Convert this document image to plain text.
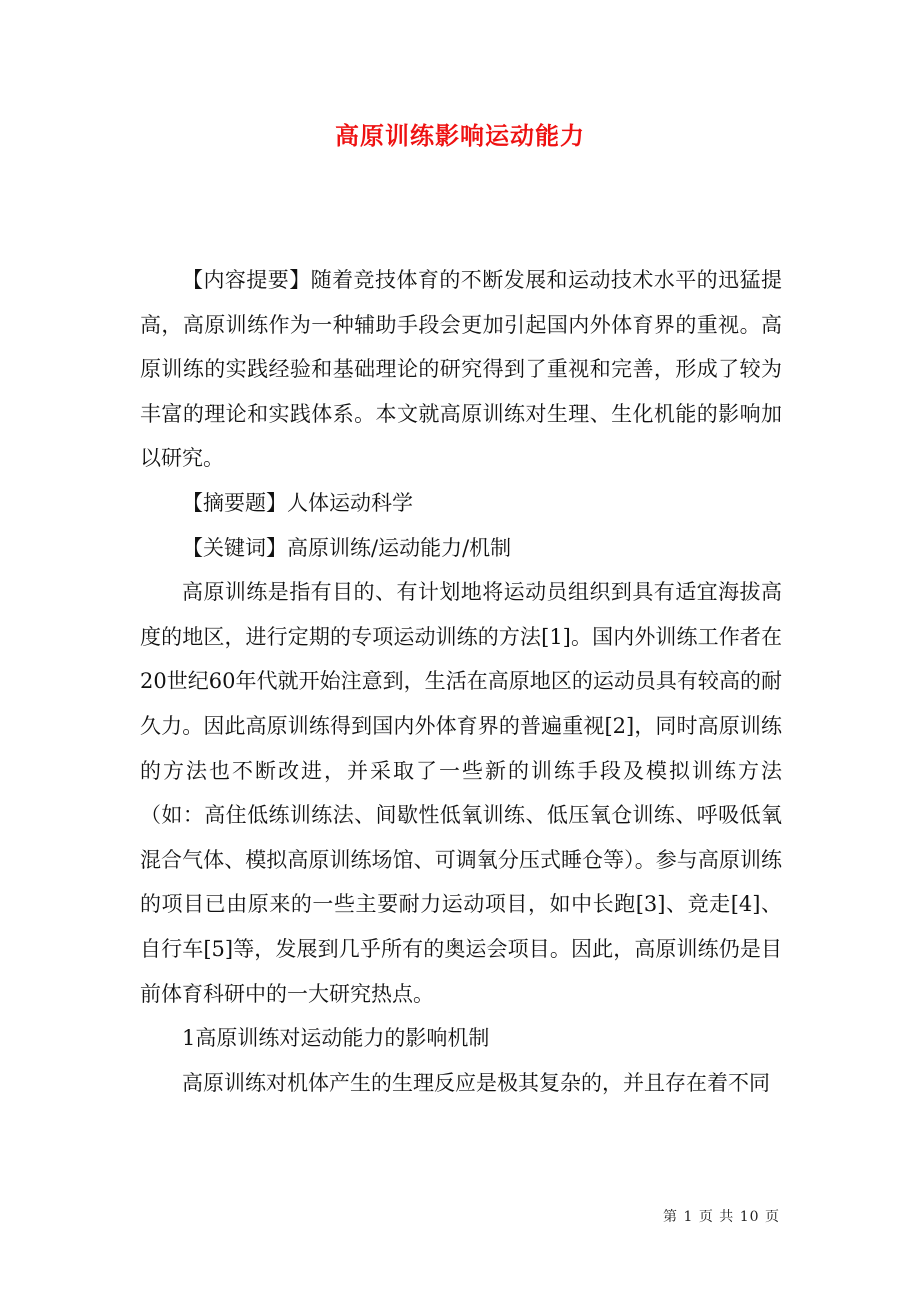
高原训练影响运动能力

【内容提要】随着竞技体育的不断发展和运动技术水平的迅猛提高，高原训练作为一种辅助手段会更加引起国内外体育界的重视。高原训练的实践经验和基础理论的研究得到了重视和完善，形成了较为丰富的理论和实践体系。本文就高原训练对生理、生化机能的影响加以研究。

【摘要题】人体运动科学

【关键词】高原训练/运动能力/机制

高原训练是指有目的、有计划地将运动员组织到具有适宜海拔高度的地区，进行定期的专项运动训练的方法[1]。国内外训练工作者在20世纪60年代就开始注意到，生活在高原地区的运动员具有较高的耐久力。因此高原训练得到国内外体育界的普遍重视[2]，同时高原训练的方法也不断改进，并采取了一些新的训练手段及模拟训练方法（如：高住低练训练法、间歇性低氧训练、低压氧仓训练、呼吸低氧混合气体、模拟高原训练场馆、可调氧分压式睡仓等）。参与高原训练的项目已由原来的一些主要耐力运动项目，如中长跑[3]、竞走[4]、自行车[5]等，发展到几乎所有的奥运会项目。因此，高原训练仍是目前体育科研中的一大研究热点。

1高原训练对运动能力的影响机制

高原训练对机体产生的生理反应是极其复杂的，并且存在着不同

第 1 页 共 10 页
